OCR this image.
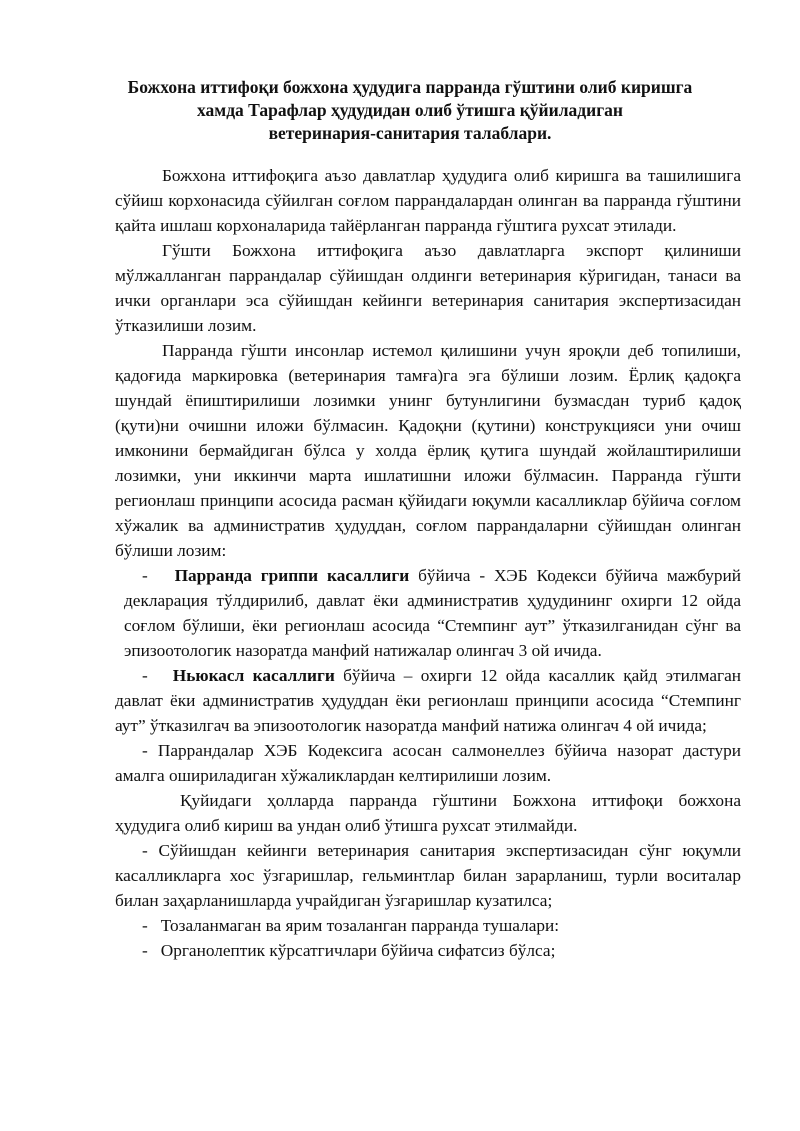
Божхона иттифоқи божхона ҳудудига парранда гўштини олиб киришга
хамда Тарафлар ҳудудидан олиб ўтишга қўйиладиган
ветеринария-санитария талаблари.

Божхона иттифоқига аъзо давлатлар ҳудудига олиб киришга ва ташилишига сўйиш корхонасида сўйилган соғлом паррандалардан олинган ва парранда гўштини қайта ишлаш корхоналарида тайёрланган парранда гўштига рухсат этилади.

Гўшти Божхона иттифоқига аъзо давлатларга экспорт қилиниши мўлжалланган паррандалар сўйишдан олдинги ветеринария кўригидан, танаси ва ички органлари эса сўйишдан кейинги ветеринария санитария экспертизасидан ўтказилиши лозим.

Парранда гўшти инсонлар истемол қилишини учун яроқли деб топилиши, қадоғида маркировка (ветеринария тамға)га эга бўлиши лозим. Ёрлиқ қадоқга шундай ёпиштирилиши лозимки унинг бутунлигини бузмасдан туриб қадоқ (қути)ни очишни иложи бўлмасин. Қадоқни (қутини) конструкцияси уни очиш имконини бермайдиган бўлса у холда ёрлиқ қутига шундай жойлаштирилиши лозимки, уни иккинчи марта ишлатишни иложи бўлмасин. Парранда гўшти регионлаш принципи асосида расман қўйидаги юқумли касалликлар бўйича соғлом хўжалик ва административ ҳудуддан, соғлом паррандаларни сўйишдан олинган бўлиши лозим:

- Парранда гриппи касаллиги бўйича - ХЭБ Кодекси бўйича мажбурий декларация тўлдирилиб, давлат ёки административ ҳудудининг охирги 12 ойда соғлом бўлиши, ёки регионлаш асосида “Стемпинг аут” ўтказилганидан сўнг ва эпизоотологик назоратда манфий натижалар олингач 3 ой ичида.

- Ньюкасл касаллиги бўйича – охирги 12 ойда касаллик қайд этилмаган давлат ёки административ ҳудуддан ёки регионлаш принципи асосида “Стемпинг аут” ўтказилгач ва эпизоотологик назоратда манфий натижа олингач 4 ой ичида;

- Паррандалар ХЭБ Кодексига асосан салмонеллез бўйича назорат дастури амалга ошириладиган хўжаликлардан келтирилиши лозим.

Қуйидаги ҳолларда парранда гўштини Божхона иттифоқи божхона ҳудудига олиб кириш ва ундан олиб ўтишга рухсат этилмайди.

- Сўйишдан кейинги ветеринария санитария экспертизасидан сўнг юқумли касалликларга хос ўзгаришлар, гельминтлар билан зарарланиш, турли воситалар билан заҳарланишларда учрайдиган ўзгаришлар кузатилса;

-   Тозаланмаган ва ярим тозаланган парранда тушалари:

-   Органолептик кўрсатгичлари бўйича сифатсиз бўлса;
